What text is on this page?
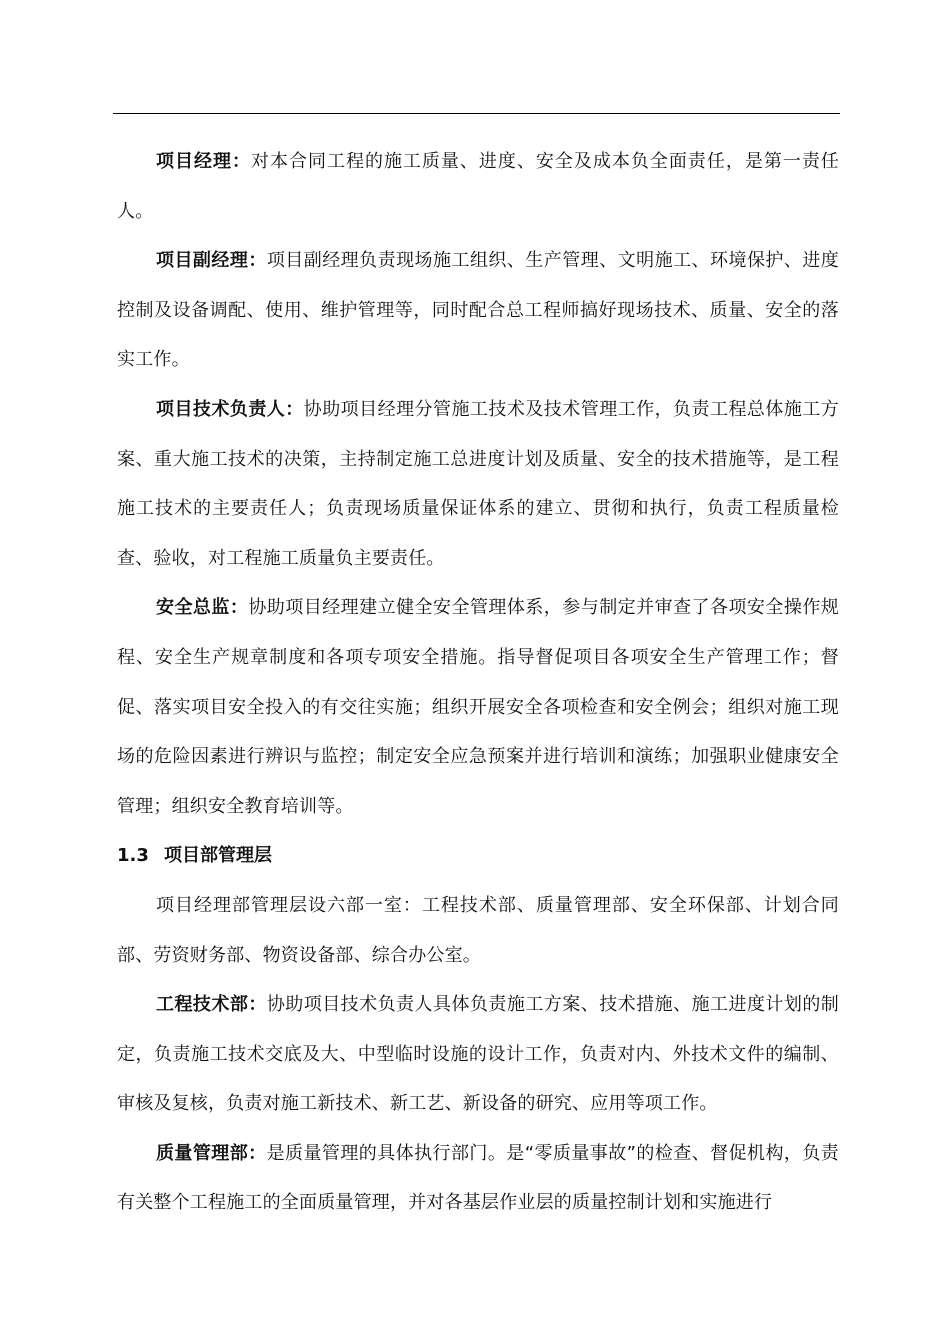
项目经理：对本合同工程的施工质量、进度、安全及成本负全面责任，是第一责任人。

项目副经理：项目副经理负责现场施工组织、生产管理、文明施工、环境保护、进度控制及设备调配、使用、维护管理等，同时配合总工程师搞好现场技术、质量、安全的落实工作。

项目技术负责人：协助项目经理分管施工技术及技术管理工作，负责工程总体施工方案、重大施工技术的决策，主持制定施工总进度计划及质量、安全的技术措施等，是工程施工技术的主要责任人；负责现场质量保证体系的建立、贯彻和执行，负责工程质量检查、验收，对工程施工质量负主要责任。

安全总监：协助项目经理建立健全安全管理体系，参与制定并审查了各项安全操作规程、安全生产规章制度和各项专项安全措施。指导督促项目各项安全生产管理工作；督促、落实项目安全投入的有交往实施；组织开展安全各项检查和安全例会；组织对施工现场的危险因素进行辨识与监控；制定安全应急预案并进行培训和演练；加强职业健康安全管理；组织安全教育培训等。

1.3 项目部管理层

项目经理部管理层设六部一室：工程技术部、质量管理部、安全环保部、计划合同部、劳资财务部、物资设备部、综合办公室。

工程技术部：协助项目技术负责人具体负责施工方案、技术措施、施工进度计划的制定，负责施工技术交底及大、中型临时设施的设计工作，负责对内、外技术文件的编制、审核及复核，负责对施工新技术、新工艺、新设备的研究、应用等项工作。

质量管理部：是质量管理的具体执行部门。是“零质量事故”的检查、督促机构，负责有关整个工程施工的全面质量管理，并对各基层作业层的质量控制计划和实施进行
